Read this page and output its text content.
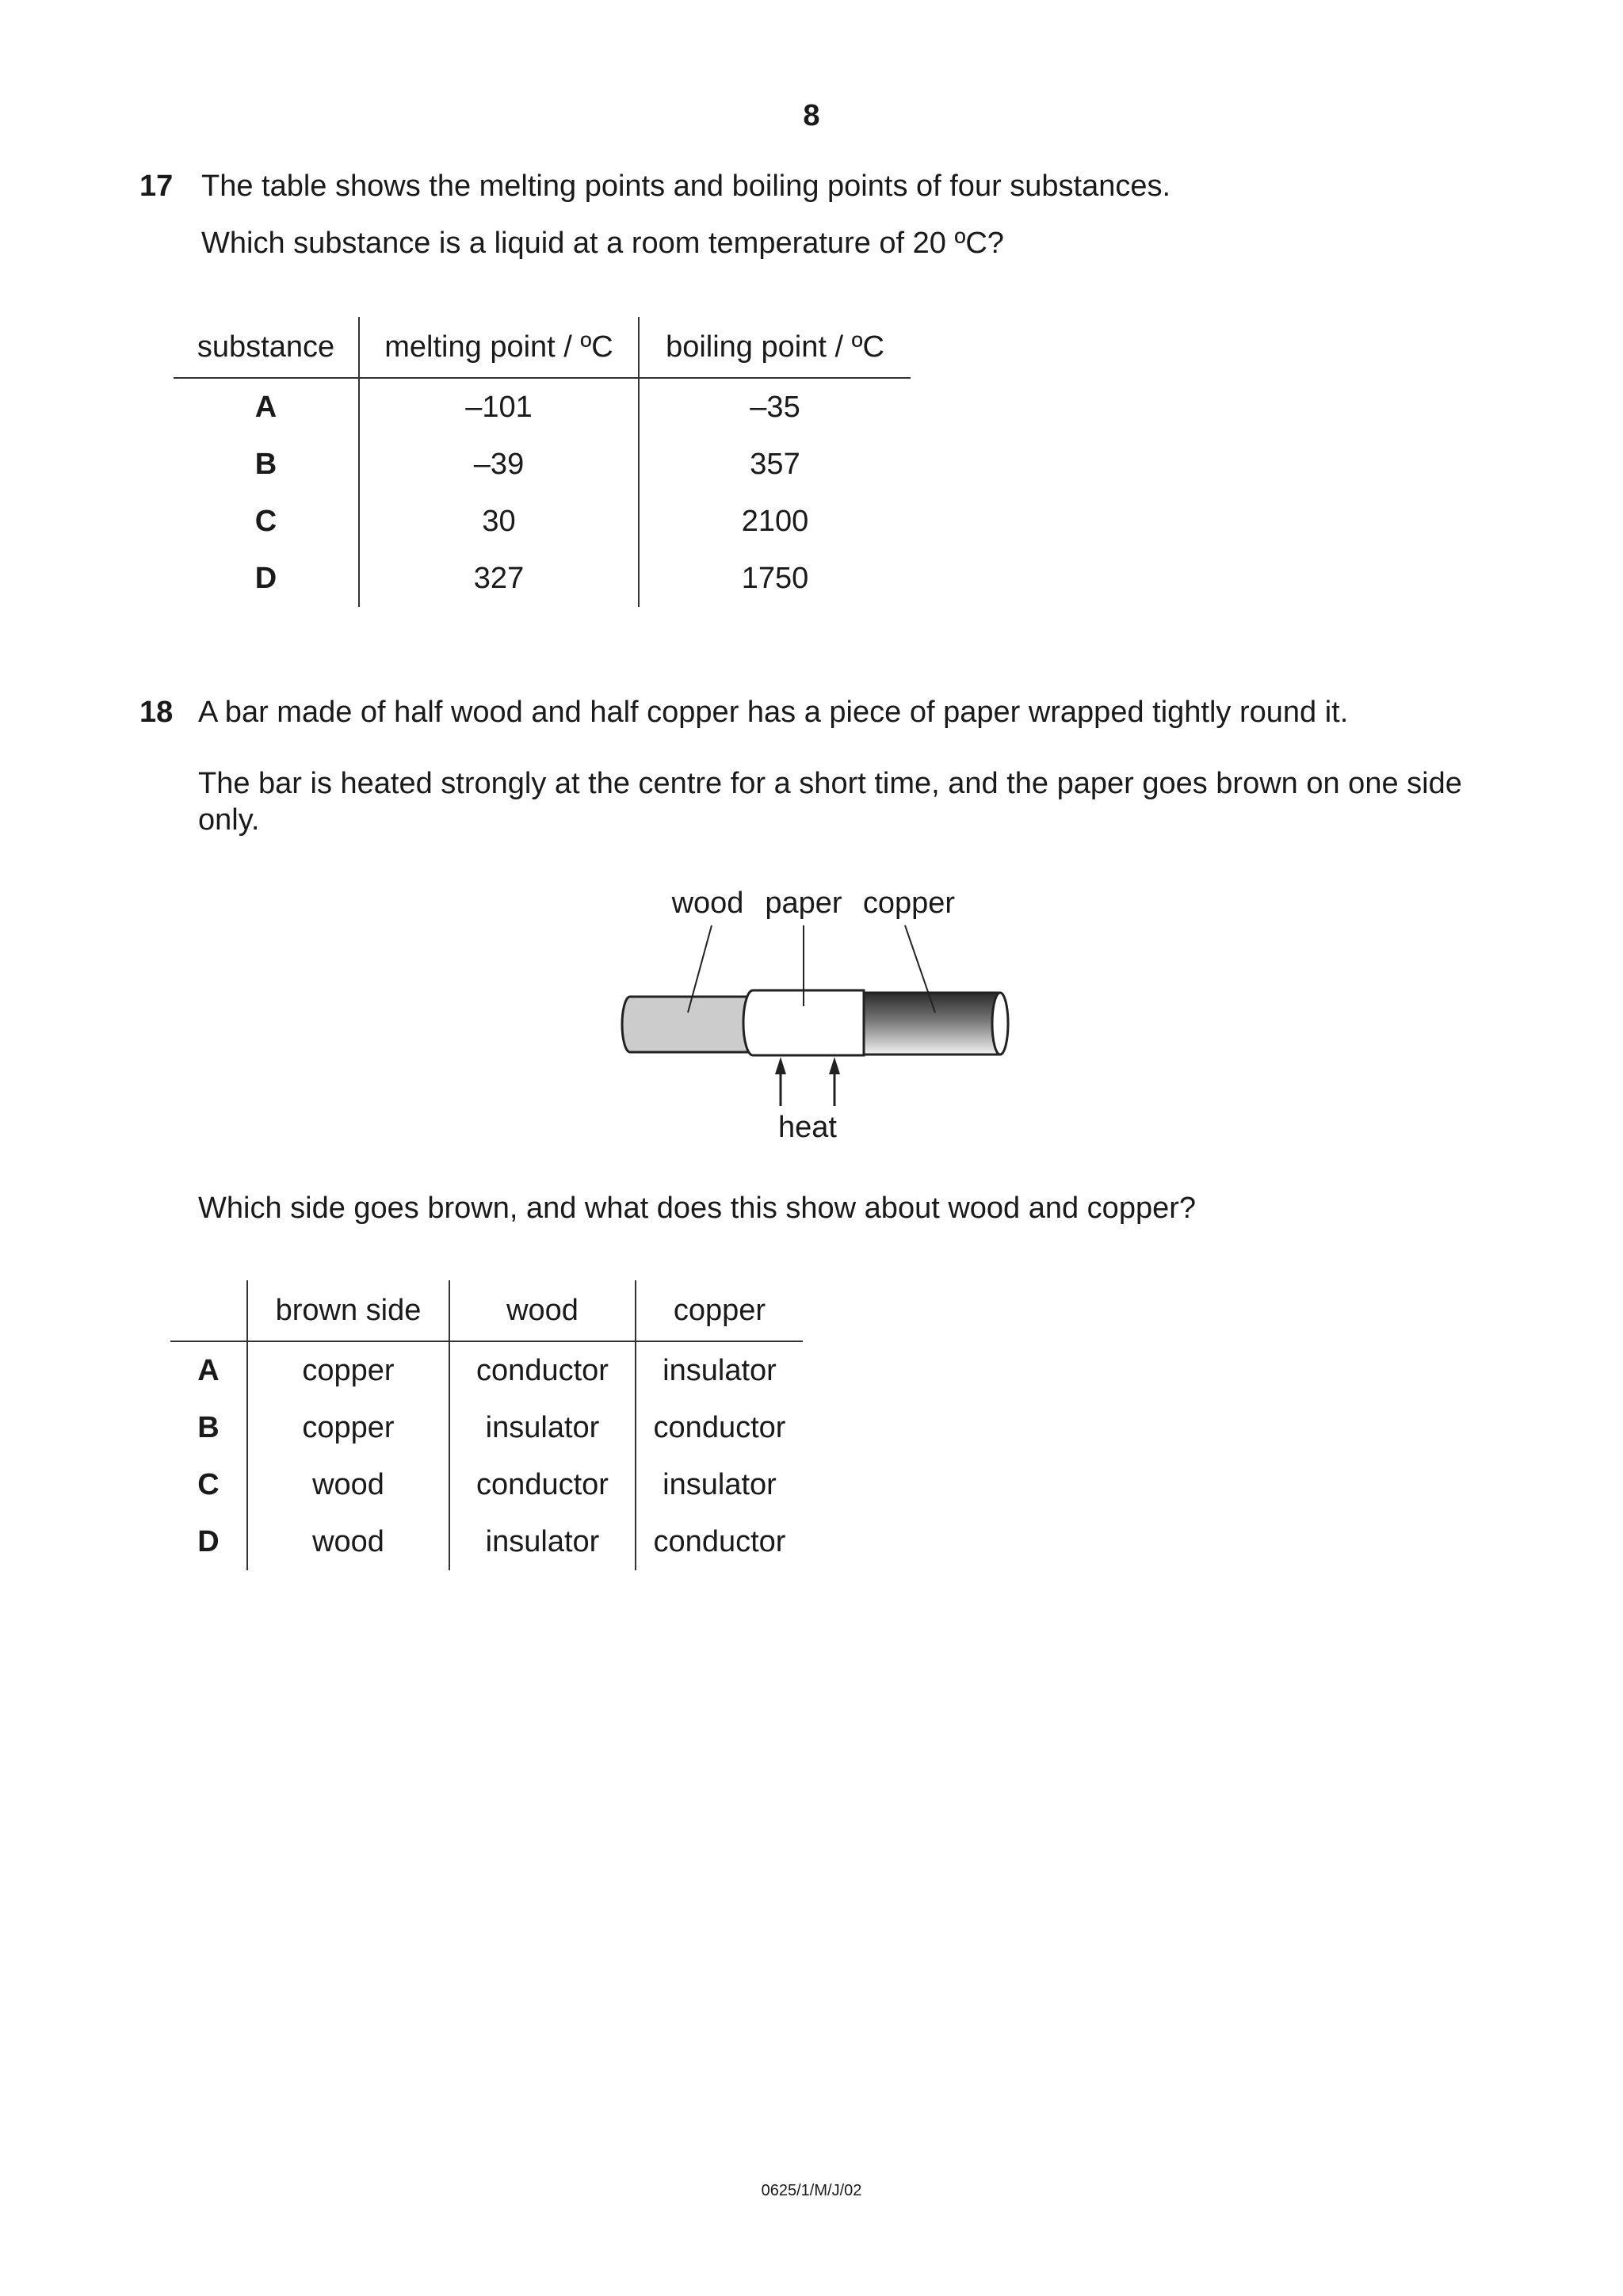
8
17 The table shows the melting points and boiling points of four substances.
Which substance is a liquid at a room temperature of 20 ºC?
substance	melting point / ºC	boiling point / ºC
A	–101	–35
B	–39	357
C	30	2100
D	327	1750
18 A bar made of half wood and half copper has a piece of paper wrapped tightly round it.
The bar is heated strongly at the centre for a short time, and the paper goes brown on one side
only.
wood paper copper
heat
Which side goes brown, and what does this show about wood and copper?
	brown side	wood	copper
A	copper	conductor	insulator
B	copper	insulator	conductor
C	wood	conductor	insulator
D	wood	insulator	conductor
0625/1/M/J/02
